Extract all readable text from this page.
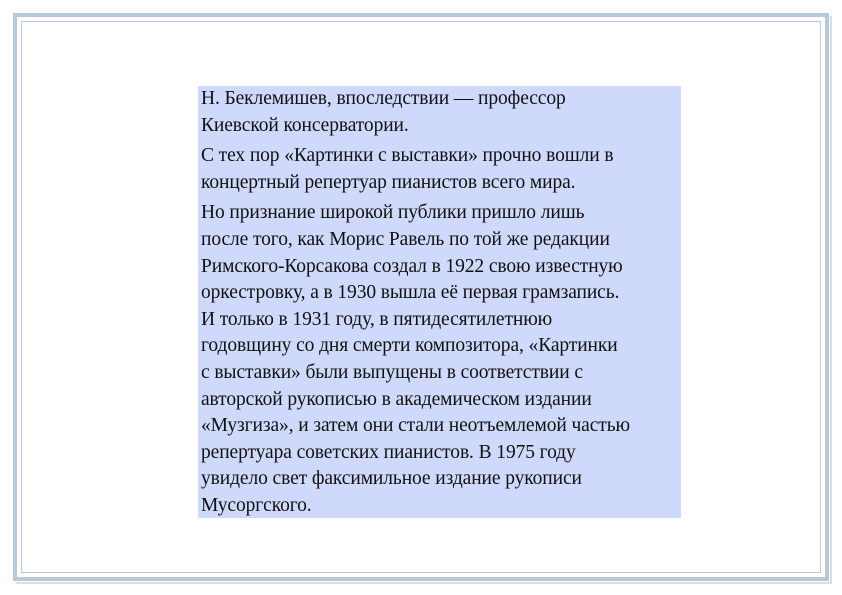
Н. Беклемишев, впоследствии — профессор
Киевской консерватории.

С тех пор «Картинки с выставки» прочно вошли в
концертный репертуар пианистов всего мира.

Но признание широкой публики пришло лишь
после того, как Морис Равель по той же редакции
Римского-Корсакова создал в 1922 свою известную
оркестровку, а в 1930 вышла её первая грамзапись.
И только в 1931 году, в пятидесятилетнюю
годовщину со дня смерти композитора, «Картинки
с выставки» были выпущены в соответствии с
авторской рукописью в академическом издании
«Музгиза», и затем они стали неотъемлемой частью
репертуара советских пианистов. В 1975 году
увидело свет факсимильное издание рукописи
Мусоргского.
